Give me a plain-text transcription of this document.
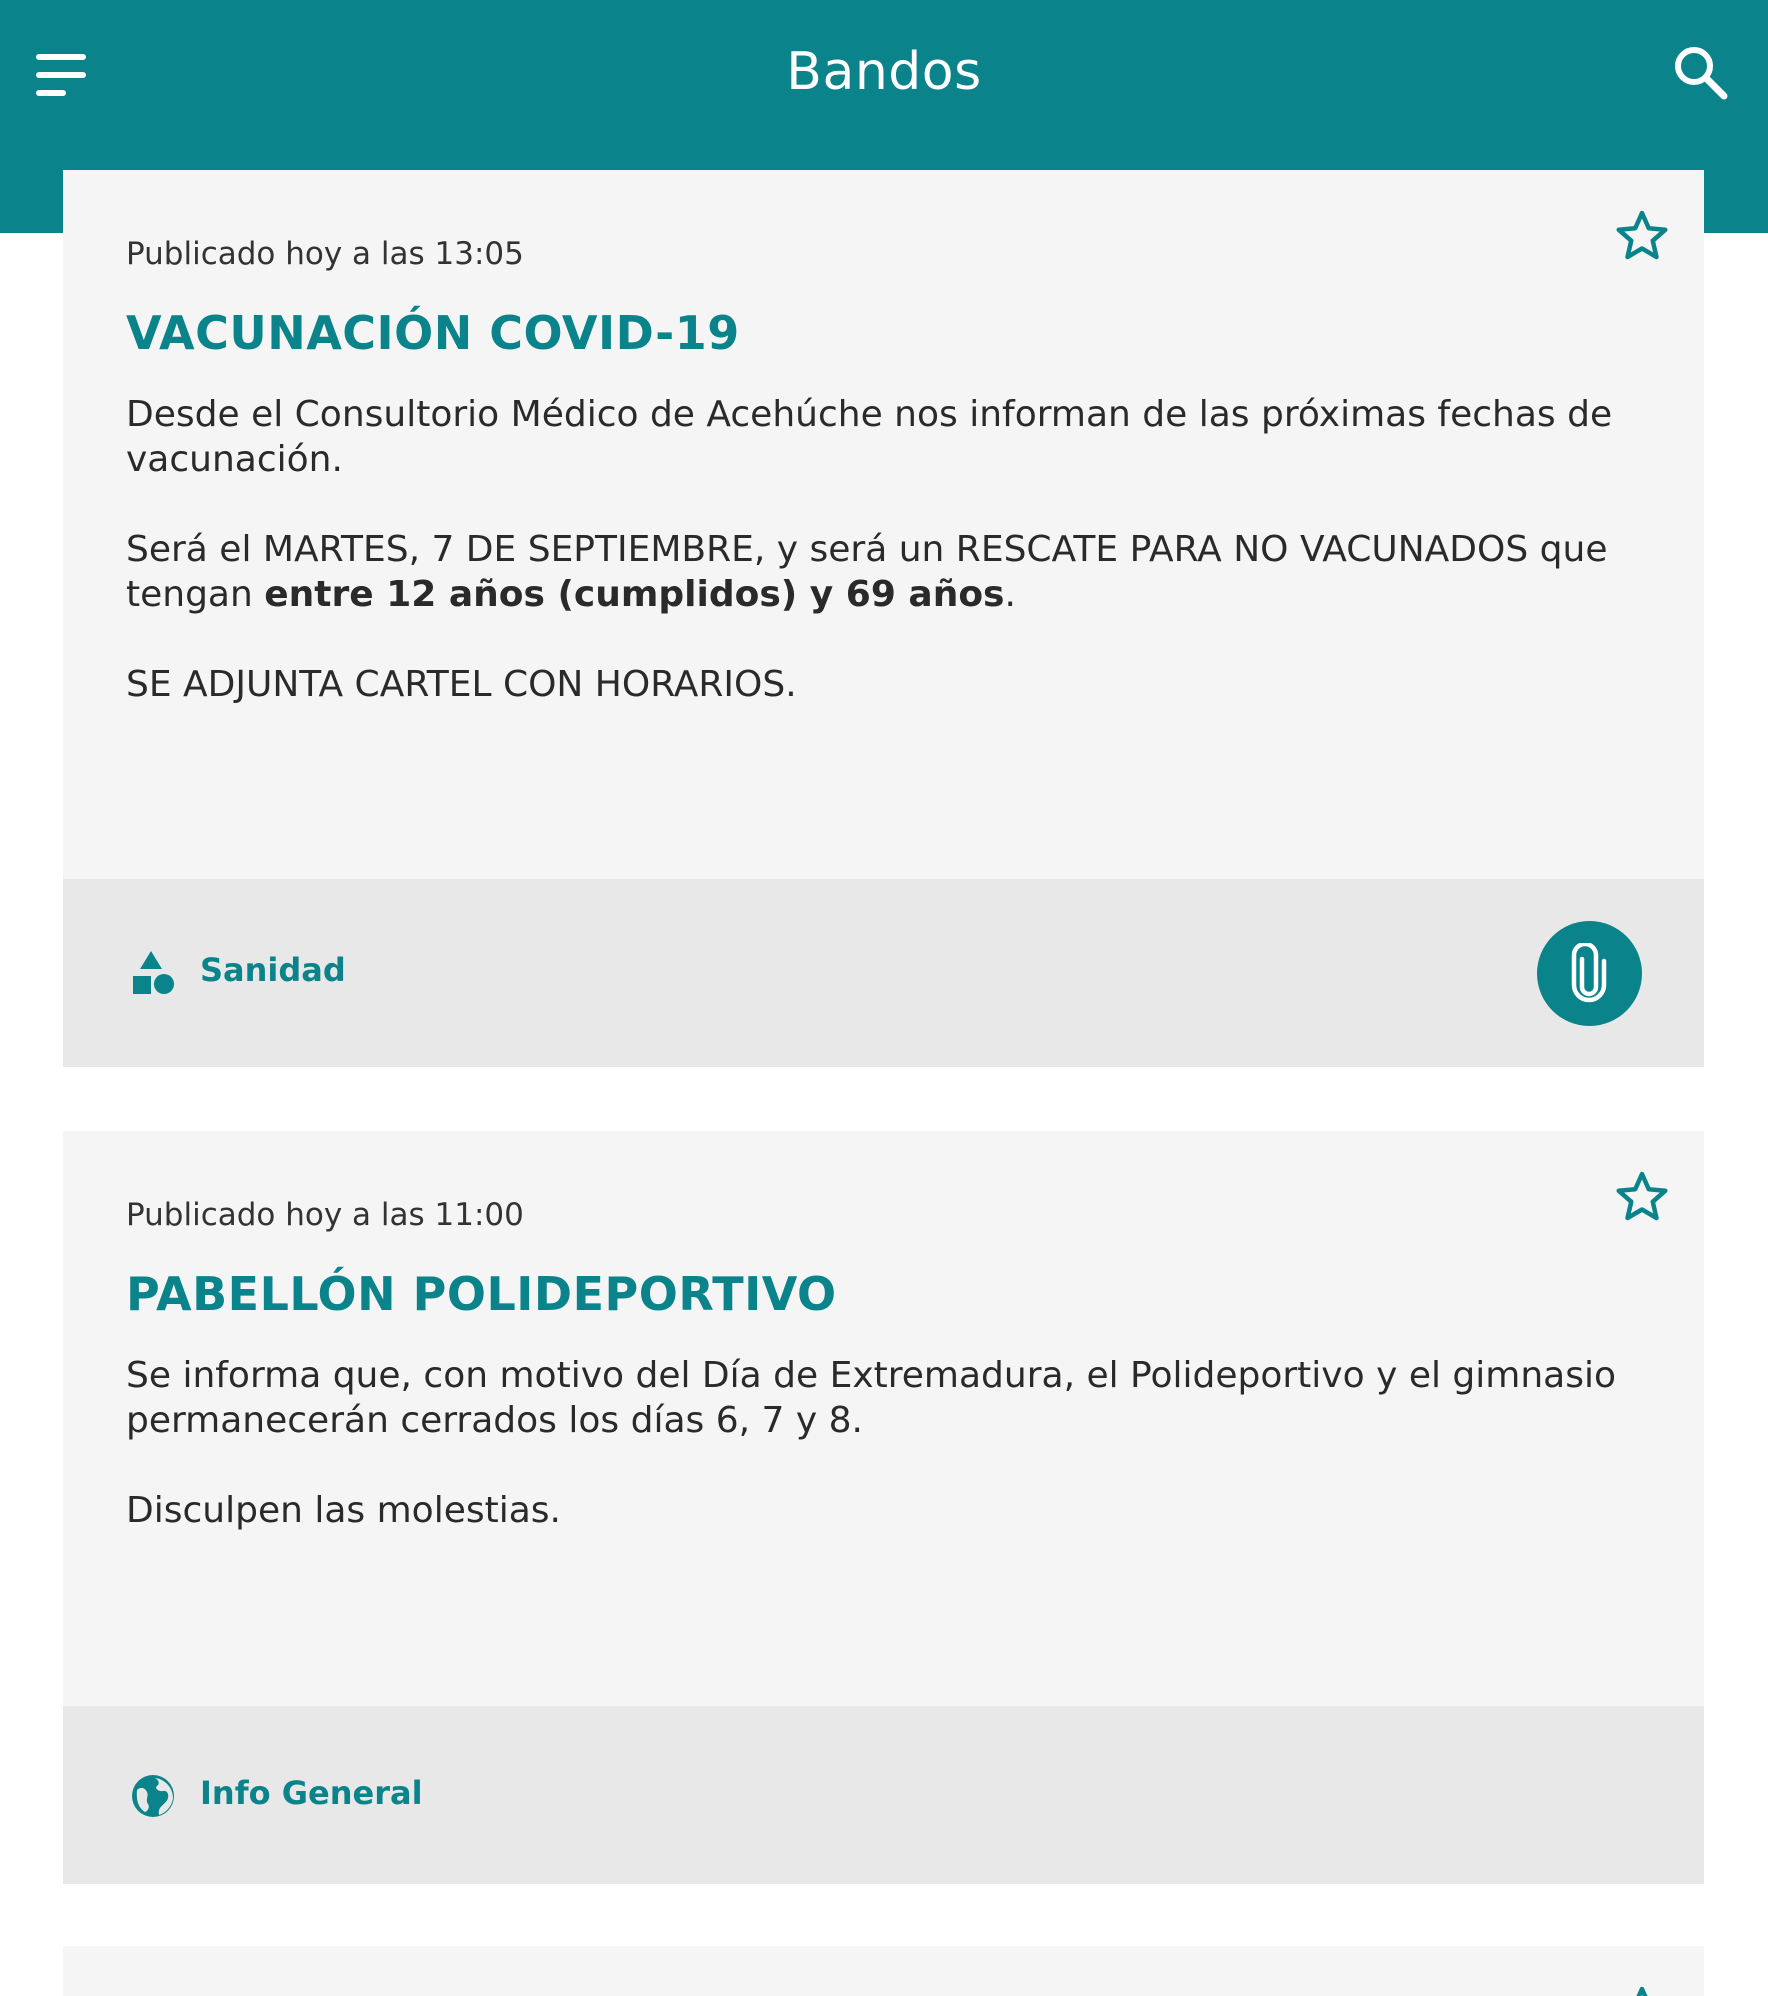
Bandos
Publicado hoy a las 13:05
VACUNACIÓN COVID-19

Desde el Consultorio Médico de Acehúche nos informan de las próximas fechas de vacunación.

Será el MARTES, 7 DE SEPTIEMBRE, y será un RESCATE PARA NO VACUNADOS que tengan entre 12 años (cumplidos) y 69 años.

SE ADJUNTA CARTEL CON HORARIOS.

Sanidad
Publicado hoy a las 11:00
PABELLÓN POLIDEPORTIVO

Se informa que, con motivo del Día de Extremadura, el Polideportivo y el gimnasio permanecerán cerrados los días 6, 7 y 8.

Disculpen las molestias.

Info General
